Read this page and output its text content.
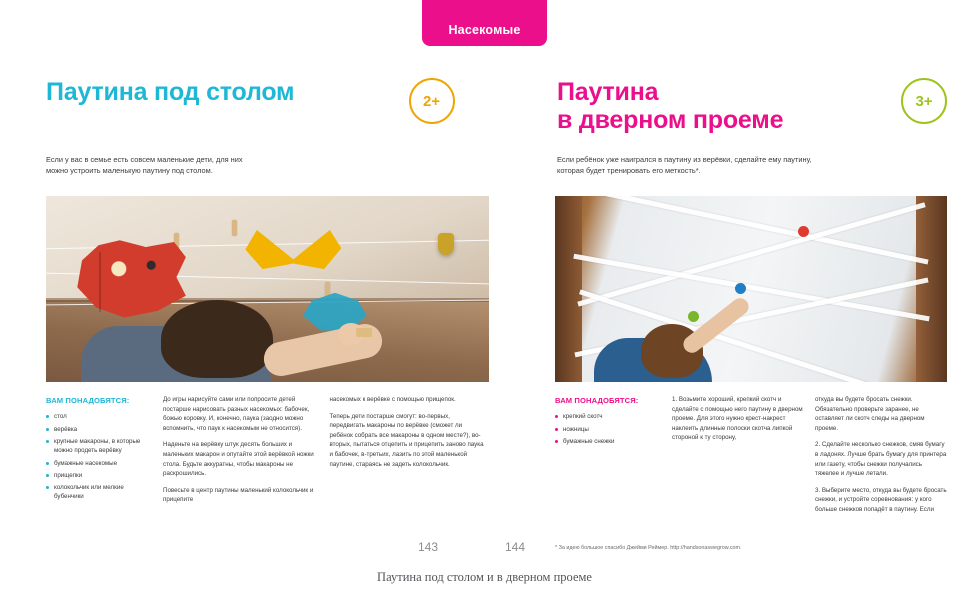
Насекомые
Паутина под столом	2+
Если у вас в семье есть совсем маленькие дети, для них можно устроить маленькую паутину под столом.
ВАМ ПОНАДОБЯТСЯ:
стол
верёвка
крупные макароны, в которые можно продеть верёвку
бумажные насекомые
прищепки
колокольчик или мелкие бубенчики

До игры нарисуйте сами или попросите детей постарше нарисовать разных насекомых: бабочек, божью коровку. И, конечно, паука (заодно можно вспомнить, что паук к насекомым не относится).

Наденьте на верёвку штук десять больших и маленьких макарон и опутайте этой верёвкой ножки стола. Будьте аккуратны, чтобы макароны не раскрошились.

Повесьте в центр паутины маленький колокольчик и прицепите

насекомых к верёвке с помощью прищепок.

Теперь дети постарше смогут: во-первых, передвигать макароны по верёвке (сможет ли ребёнок собрать все макароны в одном месте?), во-вторых, пытаться отцепить и прицепить заново паука и бабочек, в-третьих, лазить по этой маленькой паутине, стараясь не задеть колокольчик.

Паутина
в дверном проеме
3+
Если ребёнок уже наигрался в паутину из верёвки, сделайте ему паутину, которая будет тренировать его меткость*.
ВАМ ПОНАДОБЯТСЯ:
крепкий скотч
ножницы
бумажные снежки

1. Возьмите хороший, крепкий скотч и сделайте с помощью него паутину в дверном проеме. Для этого нужно крест-накрест наклеить длинные полоски скотча липкой стороной к ту сторону,

откуда вы будете бросать снежки. Обязательно проверьте заранее, не оставляет ли скотч следы на дверном проеме.

2. Сделайте несколько снежков, смяв бумагу в ладонях. Лучше брать бумагу для принтера или газету, чтобы снежки получались тяжелее и лучше летали.

3. Выберите место, откуда вы будете бросать снежки, и устройте соревнования: у кого больше снежков попадёт в паутину. Если

* За идею большое спасибо Джейми Реймер. http://handsonaswegrow.com.
143	144
Паутина под столом и в дверном проеме
